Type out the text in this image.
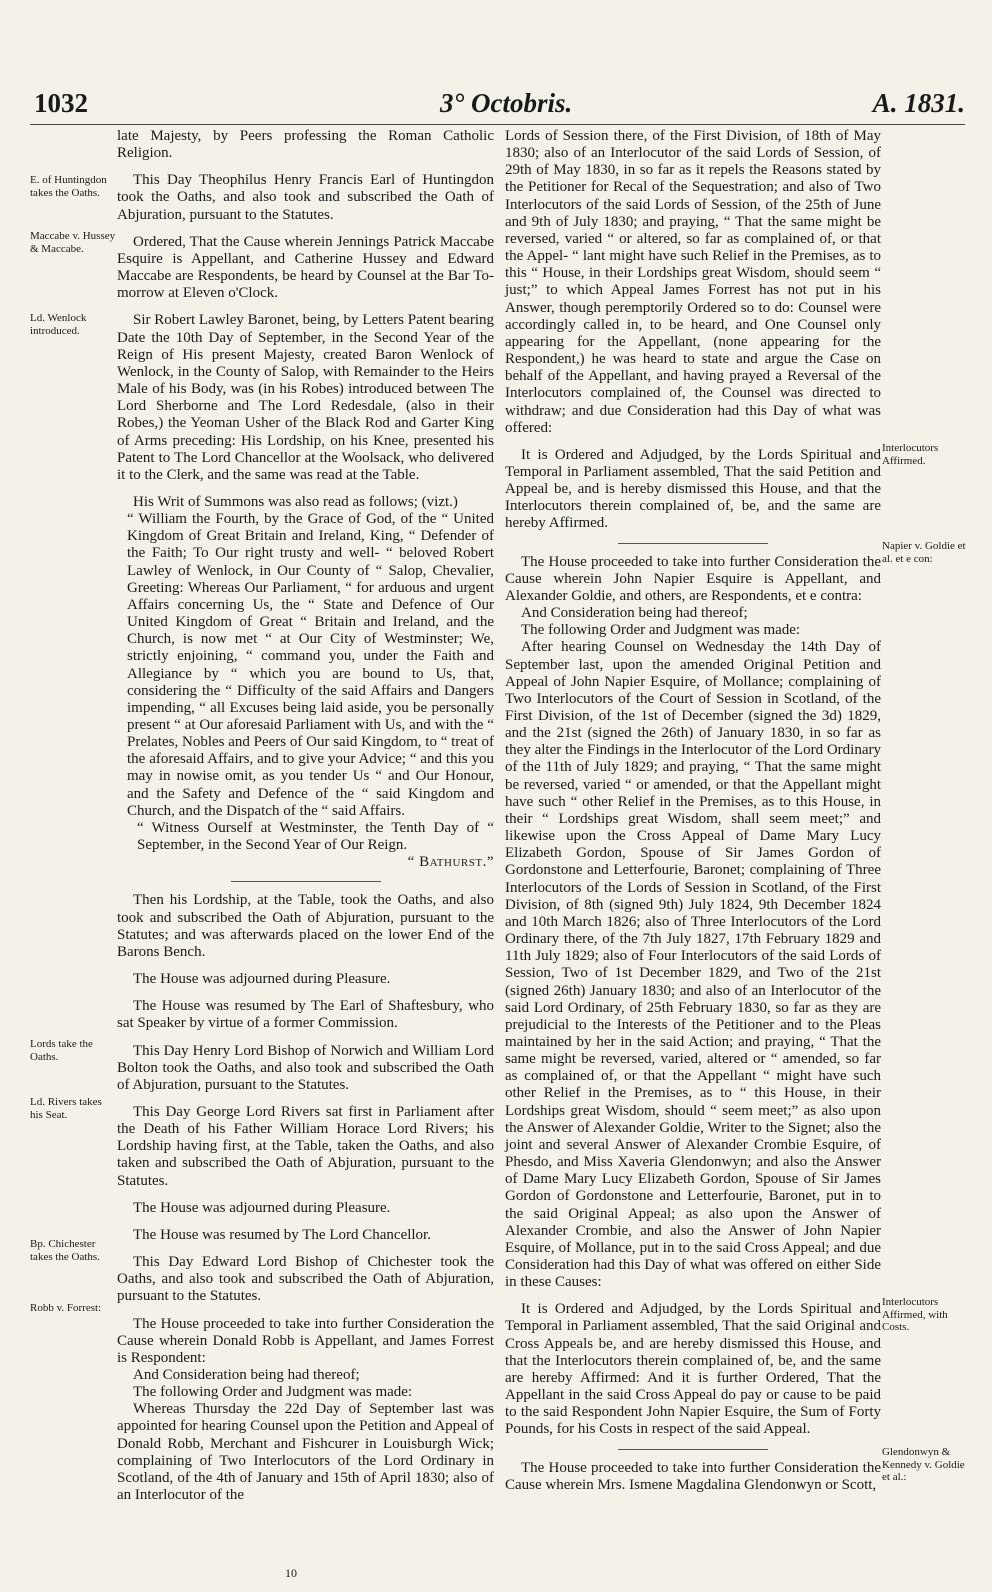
1032	3° Octobris.	A. 1831.
E. of Huntingdon takes the Oaths.
Maccabe v. Hussey & Maccabe.
Ld. Wenlock introduced.
Lords take the Oaths.
Ld. Rivers takes his Seat.
Bp. Chichester takes the Oaths.
Robb v. Forrest:
Interlocutors Affirmed.
Napier v. Goldie et al. et e con:
Interlocutors Affirmed, with Costs.
Glendonwyn & Kennedy v. Goldie et al.:

late Majesty, by Peers professing the Roman Catholic Religion.

This Day Theophilus Henry Francis Earl of Huntingdon took the Oaths, and also took and subscribed the Oath of Abjuration, pursuant to the Statutes.

Ordered, That the Cause wherein Jennings Patrick Maccabe Esquire is Appellant, and Catherine Hussey and Edward Maccabe are Respondents, be heard by Counsel at the Bar To-morrow at Eleven o'Clock.

Sir Robert Lawley Baronet, being, by Letters Patent bearing Date the 10th Day of September, in the Second Year of the Reign of His present Majesty, created Baron Wenlock of Wenlock, in the County of Salop, with Remainder to the Heirs Male of his Body, was (in his Robes) introduced between The Lord Sherborne and The Lord Redesdale, (also in their Robes,) the Yeoman Usher of the Black Rod and Garter King of Arms preceding: His Lordship, on his Knee, presented his Patent to The Lord Chancellor at the Woolsack, who delivered it to the Clerk, and the same was read at the Table.

His Writ of Summons was also read as follows; (vizt.)

“ William the Fourth, by the Grace of God, of the “ United Kingdom of Great Britain and Ireland, King, “ Defender of the Faith; To Our right trusty and well- “ beloved Robert Lawley of Wenlock, in Our County of “ Salop, Chevalier, Greeting: Whereas Our Parliament, “ for arduous and urgent Affairs concerning Us, the “ State and Defence of Our United Kingdom of Great “ Britain and Ireland, and the Church, is now met “ at Our City of Westminster; We, strictly enjoining, “ command you, under the Faith and Allegiance by “ which you are bound to Us, that, considering the “ Difficulty of the said Affairs and Dangers impending, “ all Excuses being laid aside, you be personally present “ at Our aforesaid Parliament with Us, and with the “ Prelates, Nobles and Peers of Our said Kingdom, to “ treat of the aforesaid Affairs, and to give your Advice; “ and this you may in nowise omit, as you tender Us “ and Our Honour, and the Safety and Defence of the “ said Kingdom and Church, and the Dispatch of the “ said Affairs.

“ Witness Ourself at Westminster, the Tenth Day of “ September, in the Second Year of Our Reign.

“ Bathurst.”

Then his Lordship, at the Table, took the Oaths, and also took and subscribed the Oath of Abjuration, pursuant to the Statutes; and was afterwards placed on the lower End of the Barons Bench.

The House was adjourned during Pleasure.

The House was resumed by The Earl of Shaftesbury, who sat Speaker by virtue of a former Commission.

This Day Henry Lord Bishop of Norwich and William Lord Bolton took the Oaths, and also took and subscribed the Oath of Abjuration, pursuant to the Statutes.

This Day George Lord Rivers sat first in Parliament after the Death of his Father William Horace Lord Rivers; his Lordship having first, at the Table, taken the Oaths, and also taken and subscribed the Oath of Abjuration, pursuant to the Statutes.

The House was adjourned during Pleasure.

The House was resumed by The Lord Chancellor.

This Day Edward Lord Bishop of Chichester took the Oaths, and also took and subscribed the Oath of Abjuration, pursuant to the Statutes.

The House proceeded to take into further Consideration the Cause wherein Donald Robb is Appellant, and James Forrest is Respondent:

And Consideration being had thereof;

The following Order and Judgment was made:

Whereas Thursday the 22d Day of September last was appointed for hearing Counsel upon the Petition and Appeal of Donald Robb, Merchant and Fishcurer in Louisburgh Wick; complaining of Two Interlocutors of the Lord Ordinary in Scotland, of the 4th of January and 15th of April 1830; also of an Interlocutor of the

Lords of Session there, of the First Division, of 18th of May 1830; also of an Interlocutor of the said Lords of Session, of 29th of May 1830, in so far as it repels the Reasons stated by the Petitioner for Recal of the Sequestration; and also of Two Interlocutors of the said Lords of Session, of the 25th of June and 9th of July 1830; and praying, “ That the same might be reversed, varied “ or altered, so far as complained of, or that the Appel- “ lant might have such Relief in the Premises, as to this “ House, in their Lordships great Wisdom, should seem “ just;” to which Appeal James Forrest has not put in his Answer, though peremptorily Ordered so to do: Counsel were accordingly called in, to be heard, and One Counsel only appearing for the Appellant, (none appearing for the Respondent,) he was heard to state and argue the Case on behalf of the Appellant, and having prayed a Reversal of the Interlocutors complained of, the Counsel was directed to withdraw; and due Consideration had this Day of what was offered:

It is Ordered and Adjudged, by the Lords Spiritual and Temporal in Parliament assembled, That the said Petition and Appeal be, and is hereby dismissed this House, and that the Interlocutors therein complained of, be, and the same are hereby Affirmed.

The House proceeded to take into further Consideration the Cause wherein John Napier Esquire is Appellant, and Alexander Goldie, and others, are Respondents, et e contra:

And Consideration being had thereof;

The following Order and Judgment was made:

After hearing Counsel on Wednesday the 14th Day of September last, upon the amended Original Petition and Appeal of John Napier Esquire, of Mollance; complaining of Two Interlocutors of the Court of Session in Scotland, of the First Division, of the 1st of December (signed the 3d) 1829, and the 21st (signed the 26th) of January 1830, in so far as they alter the Findings in the Interlocutor of the Lord Ordinary of the 11th of July 1829; and praying, “ That the same might be reversed, varied “ or amended, or that the Appellant might have such “ other Relief in the Premises, as to this House, in their “ Lordships great Wisdom, shall seem meet;” and likewise upon the Cross Appeal of Dame Mary Lucy Elizabeth Gordon, Spouse of Sir James Gordon of Gordonstone and Letterfourie, Baronet; complaining of Three Interlocutors of the Lords of Session in Scotland, of the First Division, of 8th (signed 9th) July 1824, 9th December 1824 and 10th March 1826; also of Three Interlocutors of the Lord Ordinary there, of the 7th July 1827, 17th February 1829 and 11th July 1829; also of Four Interlocutors of the said Lords of Session, Two of 1st December 1829, and Two of the 21st (signed 26th) January 1830; and also of an Interlocutor of the said Lord Ordinary, of 25th February 1830, so far as they are prejudicial to the Interests of the Petitioner and to the Pleas maintained by her in the said Action; and praying, “ That the same might be reversed, varied, altered or “ amended, so far as complained of, or that the Appellant “ might have such other Relief in the Premises, as to “ this House, in their Lordships great Wisdom, should “ seem meet;” as also upon the Answer of Alexander Goldie, Writer to the Signet; also the joint and several Answer of Alexander Crombie Esquire, of Phesdo, and Miss Xaveria Glendonwyn; and also the Answer of Dame Mary Lucy Elizabeth Gordon, Spouse of Sir James Gordon of Gordonstone and Letterfourie, Baronet, put in to the said Original Appeal; as also upon the Answer of Alexander Crombie, and also the Answer of John Napier Esquire, of Mollance, put in to the said Cross Appeal; and due Consideration had this Day of what was offered on either Side in these Causes:

It is Ordered and Adjudged, by the Lords Spiritual and Temporal in Parliament assembled, That the said Original and Cross Appeals be, and are hereby dismissed this House, and that the Interlocutors therein complained of, be, and the same are hereby Affirmed: And it is further Ordered, That the Appellant in the said Cross Appeal do pay or cause to be paid to the said Respondent John Napier Esquire, the Sum of Forty Pounds, for his Costs in respect of the said Appeal.

The House proceeded to take into further Consideration the Cause wherein Mrs. Ismene Magdalina Glendonwyn or Scott,

10
